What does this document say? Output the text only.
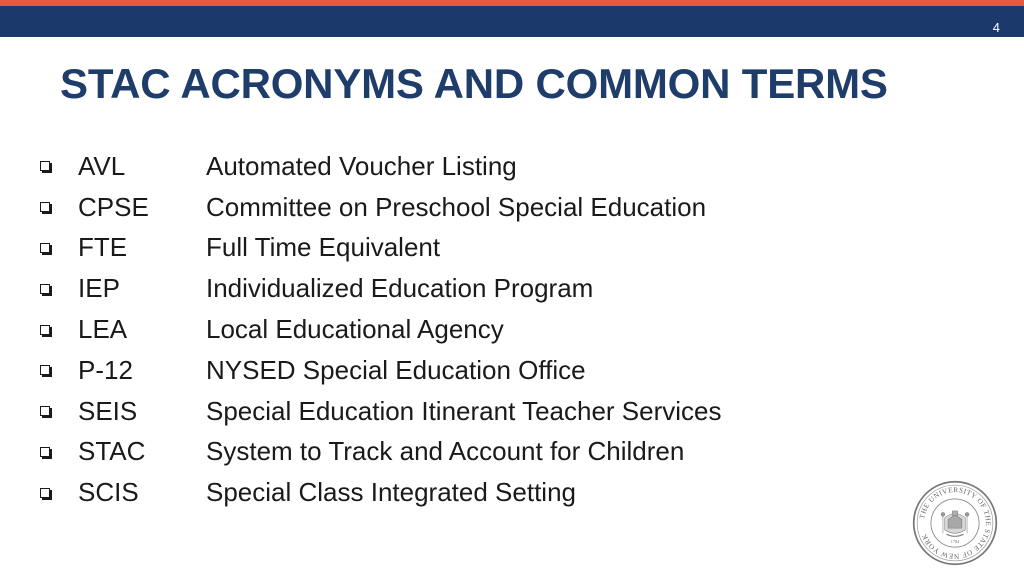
4
STAC ACRONYMS AND COMMON TERMS
AVL	Automated Voucher Listing
CPSE	Committee on Preschool Special Education
FTE	Full Time Equivalent
IEP	Individualized Education Program
LEA	Local Educational Agency
P-12	NYSED Special Education Office
SEIS	Special Education Itinerant Teacher Services
STAC	System to Track and Account for Children
SCIS	Special Class Integrated Setting
THE UNIVERSITY OF THE STATE OF NEW YORK
1784
